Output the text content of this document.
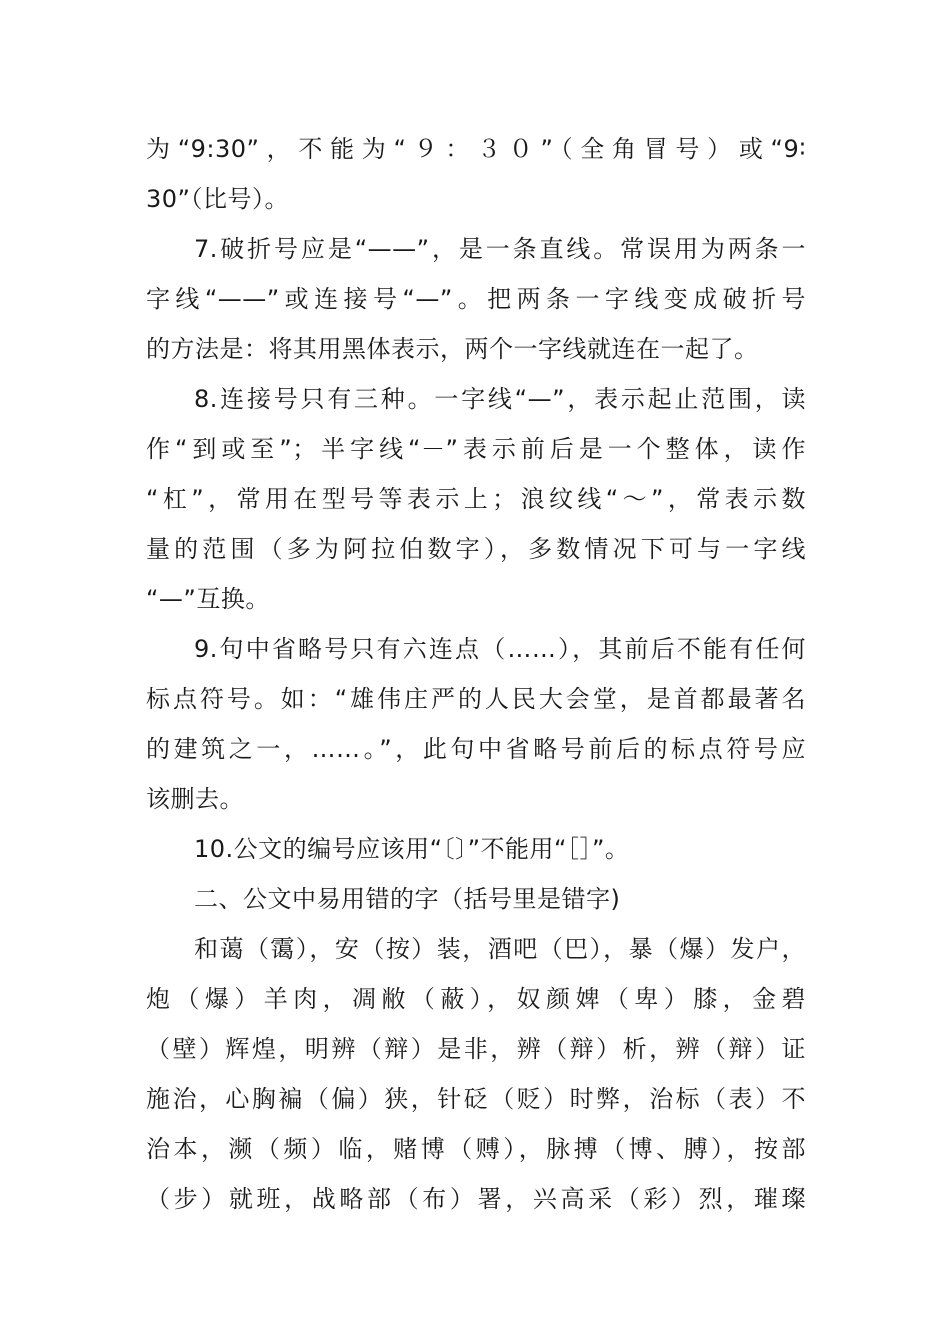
为“9:30”，不能为“９：３０”（全角冒号）或“9∶
30”（比号）。
7.破折号应是“——”，是一条直线。常误用为两条一
字线“——”或连接号“—”。把两条一字线变成破折号
的方法是：将其用黑体表示，两个一字线就连在一起了。
8.连接号只有三种。一字线“—”，表示起止范围，读
作“到或至”；半字线“－”表示前后是一个整体，读作
“杠”，常用在型号等表示上；浪纹线“～”，常表示数
量的范围（多为阿拉伯数字），多数情况下可与一字线
“—”互换。
9.句中省略号只有六连点（……），其前后不能有任何
标点符号。如：“雄伟庄严的人民大会堂，是首都最著名
的建筑之一，……。”，此句中省略号前后的标点符号应
该删去。
10.公文的编号应该用“〔〕”不能用“［］”。
二、公文中易用错的字（括号里是错字)
和蔼（霭），安（按）装，酒吧（巴），暴（爆）发户，
炮（爆）羊肉，凋敝（蔽），奴颜婢（卑）膝，金碧
（壁）辉煌，明辨（辩）是非，辨（辩）析，辨（辩）证
施治，心胸褊（偏）狭，针砭（贬）时弊，治标（表）不
治本，濒（频）临，赌博（赙），脉搏（博、膊），按部
（步）就班，战略部（布）署，兴高采（彩）烈，璀璨
